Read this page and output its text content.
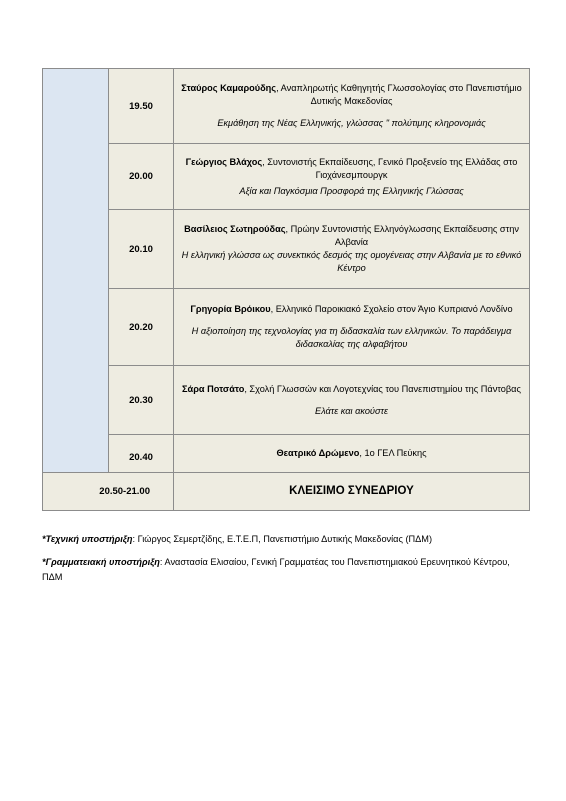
	19.50	Σταύρος Καμαρούδης, Αναπληρωτής Καθηγητής Γλωσσολογίας στο Πανεπιστήμιο Δυτικής Μακεδονίας
Εκμάθηση της Νέας Ελληνικής, γλώσσας " πολύτιμης κληρονομιάς

	20.00	Γεώργιος Βλάχος, Συντονιστής Εκπαίδευσης, Γενικό Προξενείο της Ελλάδας στο Γιοχάνεσμπουργκ
Αξία και Παγκόσμια Προσφορά της Ελληνικής Γλώσσας

	20.10	Βασίλειος Σωτηρούδας, Πρώην Συντονιστής Ελληνόγλωσσης Εκπαίδευσης στην Αλβανία
Η ελληνική γλώσσα ως συνεκτικός δεσμός της ομογένειας στην Αλβανία με το εθνικό Κέντρο

	20.20	Γρηγορία Βρόικου, Ελληνικό Παροικιακό Σχολείο στον Άγιο Κυπριανό Λονδίνο
Η αξιοποίηση της τεχνολογίας για τη διδασκαλία των ελληνικών. Το παράδειγμα διδασκαλίας της αλφαβήτου

	20.30	Σάρα Ποτσάτο, Σχολή Γλωσσών και Λογοτεχνίας του Πανεπιστημίου της Πάντοβας
Ελάτε και ακούστε

	20.40	Θεατρικό Δρώμενο, 1ο ΓΕΛ Πεύκης
20.50-21.00		ΚΛΕΙΣΙΜΟ ΣΥΝΕΔΡΙΟΥ
*Τεχνική υποστήριξη: Γιώργος Σεμερτζίδης, Ε.Τ.Ε.Π, Πανεπιστήμιο Δυτικής Μακεδονίας (ΠΔΜ)
*Γραμματειακή υποστήριξη: Αναστασία Ελισαίου, Γενική Γραμματέας του Πανεπιστημιακού Ερευνητικού Κέντρου, ΠΔΜ
